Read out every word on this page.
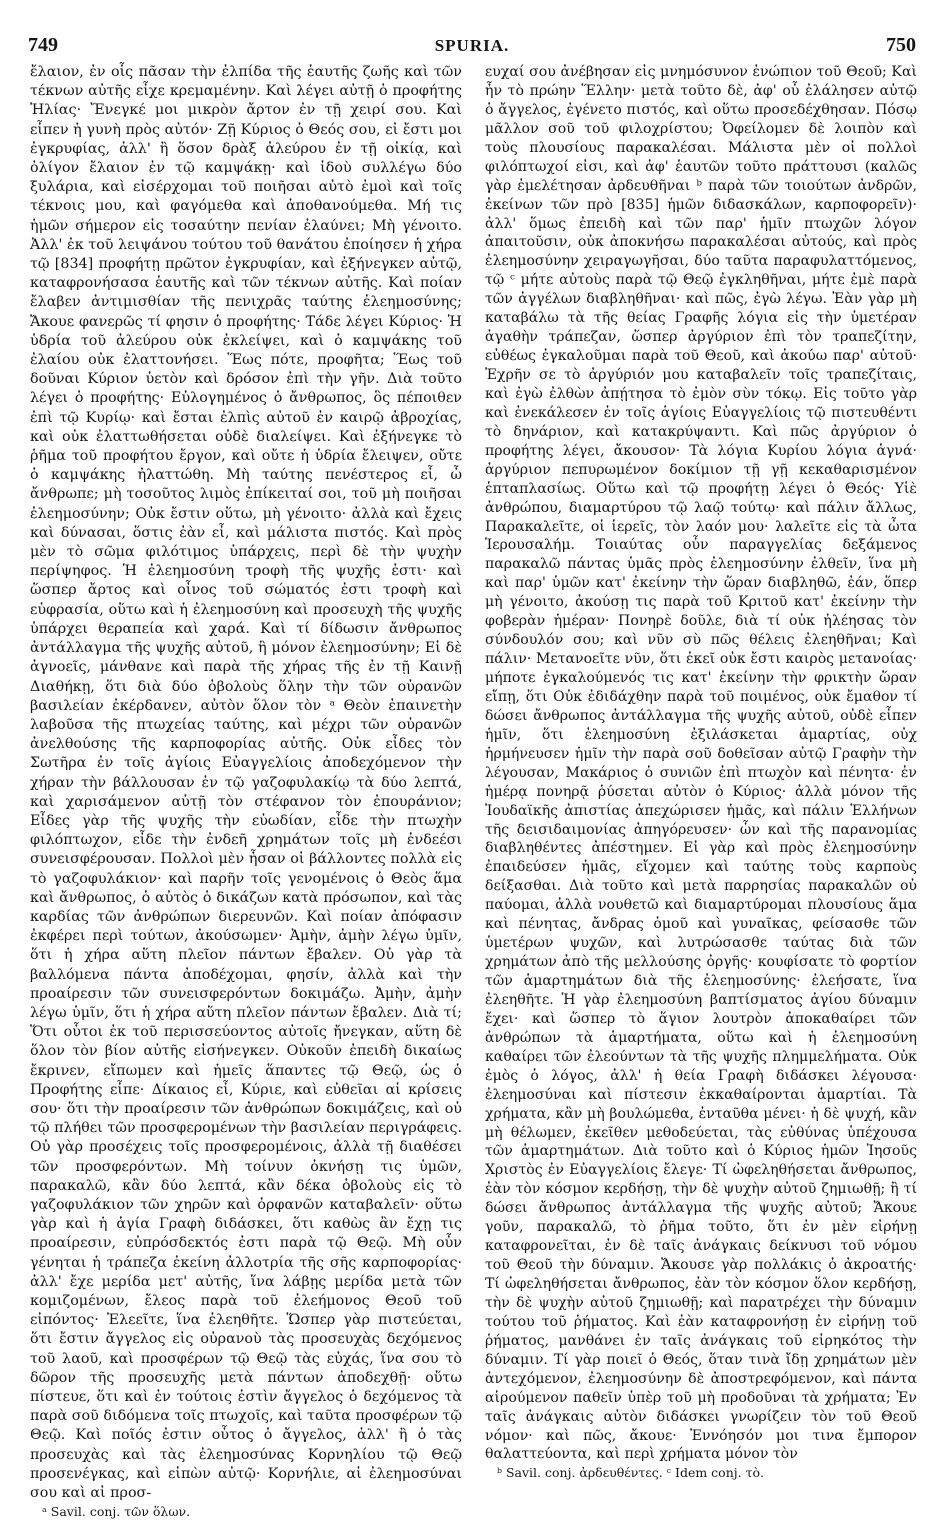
749	SPURIA.	750

ἔλαιον, ἐν οἷς πᾶσαν τὴν ἐλπίδα τῆς ἑαυτῆς ζωῆς καὶ τῶν τέκνων αὐτῆς εἶχε κρεμαμένην. Καὶ λέγει αὐτῇ ὁ προφήτης Ἠλίας· Ἔνεγκέ μοι μικρὸν ἄρτον ἐν τῇ χειρί σου. Καὶ εἶπεν ἡ γυνὴ πρὸς αὐτόν· Ζῇ Κύριος ὁ Θεός σου, εἰ ἔστι μοι ἐγκρυφίας, ἀλλ' ἢ ὅσον δρὰξ ἀλεύρου ἐν τῇ οἰκίᾳ, καὶ ὀλίγον ἔλαιον ἐν τῷ καμψάκῃ· καὶ ἰδοὺ συλλέγω δύο ξυλάρια, καὶ εἰσέρχομαι τοῦ ποιῆσαι αὐτὸ ἐμοὶ καὶ τοῖς τέκνοις μου, καὶ φαγόμεθα καὶ ἀποθανούμεθα. Μή τις ἡμῶν σήμερον εἰς τοσαύτην πενίαν ἐλαύνει; Μὴ γένοιτο. Ἀλλ' ἐκ τοῦ λειψάνου τούτου τοῦ θανάτου ἐποίησεν ἡ χήρα τῷ [834] προφήτῃ πρῶτον ἐγκρυφίαν, καὶ ἐξήνεγκεν αὐτῷ, καταφρονήσασα ἑαυτῆς καὶ τῶν τέκνων αὐτῆς. Καὶ ποίαν ἔλαβεν ἀντιμισθίαν τῆς πενιχρᾶς ταύτης ἐλεημοσύνης; Ἄκουε φανερῶς τί φησιν ὁ προφήτης· Τάδε λέγει Κύριος· Ἡ ὑδρία τοῦ ἀλεύρου οὐκ ἐκλείψει, καὶ ὁ καμψάκης τοῦ ἐλαίου οὐκ ἐλαττονήσει. Ἕως πότε, προφῆτα; Ἕως τοῦ δοῦναι Κύριον ὑετὸν καὶ δρόσον ἐπὶ τὴν γῆν. Διὰ τοῦτο λέγει ὁ προφήτης· Εὐλογημένος ὁ ἄνθρωπος, ὃς πέποιθεν ἐπὶ τῷ Κυρίῳ· καὶ ἔσται ἐλπὶς αὐτοῦ ἐν καιρῷ ἀβροχίας, καὶ οὐκ ἐλαττωθήσεται οὐδὲ διαλείψει. Καὶ ἐξήνεγκε τὸ ῥῆμα τοῦ προφήτου ἔργον, καὶ οὔτε ἡ ὑδρία ἔλειψεν, οὔτε ὁ καμψάκης ἠλαττώθη. Μὴ ταύτης πενέστερος εἶ, ὦ ἄνθρωπε; μὴ τοσοῦτος λιμὸς ἐπίκειταί σοι, τοῦ μὴ ποιῆσαι ἐλεημοσύνην; Οὐκ ἔστιν οὕτω, μὴ γένοιτο· ἀλλὰ καὶ ἔχεις καὶ δύνασαι, ὅστις ἐὰν εἶ, καὶ μάλιστα πιστός. Καὶ πρὸς μὲν τὸ σῶμα φιλότιμος ὑπάρχεις, περὶ δὲ τὴν ψυχὴν περίψηφος. Ἡ ἐλεημοσύνη τροφὴ τῆς ψυχῆς ἐστι· καὶ ὥσπερ ἄρτος καὶ οἶνος τοῦ σώματός ἐστι τροφὴ καὶ εὐφρασία, οὕτω καὶ ἡ ἐλεημοσύνη καὶ προσευχὴ τῆς ψυχῆς ὑπάρχει θεραπεία καὶ χαρά. Καὶ τί δίδωσιν ἄνθρωπος ἀντάλλαγμα τῆς ψυχῆς αὐτοῦ, ἢ μόνον ἐλεημοσύνην; Εἰ δὲ ἀγνοεῖς, μάνθανε καὶ παρὰ τῆς χήρας τῆς ἐν τῇ Καινῇ Διαθήκῃ, ὅτι διὰ δύο ὀβολοὺς ὅλην τὴν τῶν οὐρανῶν βασιλείαν ἐκέρδανεν, αὐτὸν ὅλον τὸν ᵃ Θεὸν ἐπαινετὴν λαβοῦσα τῆς πτωχείας ταύτης, καὶ μέχρι τῶν οὐρανῶν ἀνελθούσης τῆς καρποφορίας αὐτῆς. Οὐκ εἶδες τὸν Σωτῆρα ἐν τοῖς ἁγίοις Εὐαγγελίοις ἀποδεχόμενον τὴν χήραν τὴν βάλλουσαν ἐν τῷ γαζοφυλακίῳ τὰ δύο λεπτά, καὶ χαρισάμενον αὐτῇ τὸν στέφανον τὸν ἐπουράνιον; Εἶδες γὰρ τῆς ψυχῆς τὴν εὐωδίαν, εἶδε τὴν πτωχὴν φιλόπτωχον, εἶδε τὴν ἐνδεῆ χρημάτων τοῖς μὴ ἐνδεέσι συνεισφέρουσαν. Πολλοὶ μὲν ἦσαν οἱ βάλλοντες πολλὰ εἰς τὸ γαζοφυλάκιον· καὶ παρῆν τοῖς γενομένοις ὁ Θεὸς ἅμα καὶ ἄνθρωπος, ὁ αὐτὸς ὁ δικάζων κατὰ πρόσωπον, καὶ τὰς καρδίας τῶν ἀνθρώπων διερευνῶν. Καὶ ποίαν ἀπόφασιν ἐκφέρει περὶ τούτων, ἀκούσωμεν· Ἀμὴν, ἀμὴν λέγω ὑμῖν, ὅτι ἡ χήρα αὕτη πλεῖον πάντων ἔβαλεν. Οὐ γὰρ τὰ βαλλόμενα πάντα ἀποδέχομαι, φησίν, ἀλλὰ καὶ τὴν προαίρεσιν τῶν συνεισφερόντων δοκιμάζω. Ἀμὴν, ἀμὴν λέγω ὑμῖν, ὅτι ἡ χήρα αὕτη πλεῖον πάντων ἔβαλεν. Διὰ τί; Ὅτι οὗτοι ἐκ τοῦ περισσεύοντος αὐτοῖς ἤνεγκαν, αὕτη δὲ ὅλον τὸν βίον αὐτῆς εἰσήνεγκεν. Οὐκοῦν ἐπειδὴ δικαίως ἔκρινεν, εἴπωμεν καὶ ἡμεῖς ἅπαντες τῷ Θεῷ, ὡς ὁ Προφήτης εἶπε· Δίκαιος εἶ, Κύριε, καὶ εὐθεῖαι αἱ κρίσεις σου· ὅτι τὴν προαίρεσιν τῶν ἀνθρώπων δοκιμάζεις, καὶ οὐ τῷ πλήθει τῶν προσφερομένων τὴν βασιλείαν περιγράφεις. Οὐ γὰρ προσέχεις τοῖς προσφερομένοις, ἀλλὰ τῇ διαθέσει τῶν προσφερόντων. Μὴ τοίνυν ὀκνήσῃ τις ὑμῶν, παρακαλῶ, κἂν δύο λεπτά, κἂν δέκα ὀβολοὺς εἰς τὸ γαζοφυλάκιον τῶν χηρῶν καὶ ὀρφανῶν καταβαλεῖν· οὕτω γὰρ καὶ ἡ ἁγία Γραφὴ διδάσκει, ὅτι καθὼς ἂν ἔχῃ τις προαίρεσιν, εὐπρόσδεκτός ἐστι παρὰ τῷ Θεῷ. Μὴ οὖν γένηται ἡ τράπεζα ἐκείνη ἀλλοτρία τῆς σῆς καρποφορίας· ἀλλ' ἔχε μερίδα μετ' αὐτῆς, ἵνα λάβῃς μερίδα μετὰ τῶν κομιζομένων, ἔλεος παρὰ τοῦ ἐλεήμονος Θεοῦ τοῦ εἰπόντος· Ἐλεεῖτε, ἵνα ἐλεηθῆτε. Ὥσπερ γὰρ πιστεύεται, ὅτι ἔστιν ἄγγελος εἰς οὐρανοὺ τὰς προσευχὰς δεχόμενος τοῦ λαοῦ, καὶ προσφέρων τῷ Θεῷ τὰς εὐχάς, ἵνα σου τὸ δῶρον τῆς προσευχῆς μετὰ πάντων ἀποδεχθῇ· οὕτω πίστευε, ὅτι καὶ ἐν τούτοις ἐστὶν ἄγγελος ὁ δεχόμενος τὰ παρὰ σοῦ διδόμενα τοῖς πτωχοῖς, καὶ ταῦτα προσφέρων τῷ Θεῷ. Καὶ ποῖός ἐστιν οὗτος ὁ ἄγγελος, ἀλλ' ἢ ὁ τὰς προσευχὰς καὶ τὰς ἐλεημοσύνας Κορνηλίου τῷ Θεῷ προσενέγκας, καὶ εἰπὼν αὐτῷ· Κορνήλιε, αἱ ἐλεημοσύναι σου καὶ αἱ προσ-

ᵃ Savil. conj. τῶν ὅλων.

ευχαί σου ἀνέβησαν εἰς μνημόσυνον ἐνώπιον τοῦ Θεοῦ; Καὶ ἦν τὸ πρώην Ἕλλην· μετὰ τοῦτο δὲ, ἀφ' οὗ ἐλάλησεν αὐτῷ ὁ ἄγγελος, ἐγένετο πιστός, καὶ οὕτω προσεδέχθησαν. Πόσῳ μᾶλλον σοῦ τοῦ φιλοχρίστου; Ὀφείλομεν δὲ λοιπὸν καὶ τοὺς πλουσίους παρακαλέσαι. Μάλιστα μὲν οἱ πολλοὶ φιλόπτωχοί εἰσι, καὶ ἀφ' ἑαυτῶν τοῦτο πράττουσι (καλῶς γὰρ ἐμελέτησαν ἀρδευθῆναι ᵇ παρὰ τῶν τοιούτων ἀνδρῶν, ἐκείνων τῶν πρὸ [835] ἡμῶν διδασκάλων, καρποφορεῖν)· ἀλλ' ὅμως ἐπειδὴ καὶ τῶν παρ' ἡμῖν πτωχῶν λόγον ἀπαιτοῦσιν, οὐκ ἀποκνήσω παρακαλέσαι αὐτούς, καὶ πρὸς ἐλεημοσύνην χειραγωγῆσαι, δύο ταῦτα παραφυλαττόμενος, τῷ ᶜ μήτε αὐτοὺς παρὰ τῷ Θεῷ ἐγκληθῆναι, μήτε ἐμὲ παρὰ τῶν ἀγγέλων διαβληθῆναι· καὶ πῶς, ἐγὼ λέγω. Ἐὰν γὰρ μὴ καταβάλω τὰ τῆς θείας Γραφῆς λόγια εἰς τὴν ὑμετέραν ἀγαθὴν τράπεζαν, ὥσπερ ἀργύριον ἐπὶ τὸν τραπεζίτην, εὐθέως ἐγκαλοῦμαι παρὰ τοῦ Θεοῦ, καὶ ἀκούω παρ' αὐτοῦ· Ἐχρῆν σε τὸ ἀργύριόν μου καταβαλεῖν τοῖς τραπεζίταις, καὶ ἐγὼ ἐλθὼν ἀπῄτησα τὸ ἐμὸν σὺν τόκῳ. Εἰς τοῦτο γὰρ καὶ ἐνεκάλεσεν ἐν τοῖς ἁγίοις Εὐαγγελίοις τῷ πιστευθέντι τὸ δηνάριον, καὶ κατακρύψαντι. Καὶ πῶς ἀργύριον ὁ προφήτης λέγει, ἄκουσον· Τὰ λόγια Κυρίου λόγια ἁγνά· ἀργύριον πεπυρωμένον δοκίμιον τῇ γῇ κεκαθαρισμένον ἑπταπλασίως. Οὕτω καὶ τῷ προφήτῃ λέγει ὁ Θεός· Υἱὲ ἀνθρώπου, διαμαρτύρου τῷ λαῷ τούτῳ· καὶ πάλιν ἄλλως, Παρακαλεῖτε, οἱ ἱερεῖς, τὸν λαόν μου· λαλεῖτε εἰς τὰ ὦτα Ἱερουσαλήμ. Τοιαύτας οὖν παραγγελίας δεξάμενος παρακαλῶ πάντας ὑμᾶς πρὸς ἐλεημοσύνην ἐλθεῖν, ἵνα μὴ καὶ παρ' ὑμῶν κατ' ἐκείνην τὴν ὥραν διαβληθῶ, ἐάν, ὅπερ μὴ γένοιτο, ἀκούσῃ τις παρὰ τοῦ Κριτοῦ κατ' ἐκείνην τὴν φοβερὰν ἡμέραν· Πονηρὲ δοῦλε, διὰ τί οὐκ ἠλέησας τὸν σύνδουλόν σου; καὶ νῦν σὺ πῶς θέλεις ἐλεηθῆναι; Καὶ πάλιν· Μετανοεῖτε νῦν, ὅτι ἐκεῖ οὐκ ἔστι καιρὸς μετανοίας· μήποτε ἐγκαλούμενός τις κατ' ἐκείνην τὴν φρικτὴν ὥραν εἴπῃ, ὅτι Οὐκ ἐδιδάχθην παρὰ τοῦ ποιμένος, οὐκ ἔμαθον τί δώσει ἄνθρωπος ἀντάλλαγμα τῆς ψυχῆς αὐτοῦ, οὐδὲ εἶπεν ἡμῖν, ὅτι ἐλεημοσύνη ἐξιλάσκεται ἁμαρτίας, οὐχ ἡρμήνευσεν ἡμῖν τὴν παρὰ σοῦ δοθεῖσαν αὐτῷ Γραφὴν τὴν λέγουσαν, Μακάριος ὁ συνιῶν ἐπὶ πτωχὸν καὶ πένητα· ἐν ἡμέρᾳ πονηρᾷ ῥύσεται αὐτὸν ὁ Κύριος· ἀλλὰ μόνον τῆς Ἰουδαϊκῆς ἀπιστίας ἀπεχώρισεν ἡμᾶς, καὶ πάλιν Ἑλλήνων τῆς δεισιδαιμονίας ἀπηγόρευσεν· ὧν καὶ τῆς παρανομίας διαβληθέντες ἀπέστημεν. Εἰ γὰρ καὶ πρὸς ἐλεημοσύνην ἐπαιδεύσεν ἡμᾶς, εἴχομεν καὶ ταύτης τοὺς καρποὺς δείξασθαι. Διὰ τοῦτο καὶ μετὰ παρρησίας παρακαλῶν οὐ παύομαι, ἀλλὰ νουθετῶ καὶ διαμαρτύρομαι πλουσίους ἅμα καὶ πένητας, ἄνδρας ὁμοῦ καὶ γυναῖκας, φείσασθε τῶν ὑμετέρων ψυχῶν, καὶ λυτρώσασθε ταύτας διὰ τῶν χρημάτων ἀπὸ τῆς μελλούσης ὀργῆς· κουφίσατε τὸ φορτίον τῶν ἁμαρτημάτων διὰ τῆς ἐλεημοσύνης· ἐλεήσατε, ἵνα ἐλεηθῆτε. Ἡ γὰρ ἐλεημοσύνη βαπτίσματος ἁγίου δύναμιν ἔχει· καὶ ὥσπερ τὸ ἅγιον λουτρὸν ἀποκαθαίρει τῶν ἀνθρώπων τὰ ἁμαρτήματα, οὕτω καὶ ἡ ἐλεημοσύνη καθαίρει τῶν ἐλεούντων τὰ τῆς ψυχῆς πλημμελήματα. Οὐκ ἐμὸς ὁ λόγος, ἀλλ' ἡ θεία Γραφὴ διδάσκει λέγουσα· ἐλεημοσύναι καὶ πίστεσιν ἐκκαθαίρονται ἁμαρτίαι. Τὰ χρήματα, κἂν μὴ βουλώμεθα, ἐνταῦθα μένει· ἡ δὲ ψυχή, κἂν μὴ θέλωμεν, ἐκεῖθεν μεθοδεύεται, τὰς εὐθύνας ὑπέχουσα τῶν ἁμαρτημάτων. Διὰ τοῦτο καὶ ὁ Κύριος ἡμῶν Ἰησοῦς Χριστὸς ἐν Εὐαγγελίοις ἔλεγε· Τί ὠφεληθήσεται ἄνθρωπος, ἐὰν τὸν κόσμον κερδήσῃ, τὴν δὲ ψυχὴν αὐτοῦ ζημιωθῇ; ἢ τί δώσει ἄνθρωπος ἀντάλλαγμα τῆς ψυχῆς αὐτοῦ; Ἄκουε γοῦν, παρακαλῶ, τὸ ῥῆμα τοῦτο, ὅτι ἐν μὲν εἰρήνῃ καταφρονεῖται, ἐν δὲ ταῖς ἀνάγκαις δείκνυσι τοῦ νόμου τοῦ Θεοῦ τὴν δύναμιν. Ἄκουσε γὰρ πολλάκις ὁ ἀκροατής· Τί ὠφεληθήσεται ἄνθρωπος, ἐὰν τὸν κόσμον ὅλον κερδήσῃ, τὴν δὲ ψυχὴν αὐτοῦ ζημιωθῇ; καὶ παρατρέχει τὴν δύναμιν τούτου τοῦ ῥήματος. Καὶ ἐὰν καταφρονήσῃ ἐν εἰρήνῃ τοῦ ῥήματος, μανθάνει ἐν ταῖς ἀνάγκαις τοῦ εἰρηκότος τὴν δύναμιν. Τί γὰρ ποιεῖ ὁ Θεός, ὅταν τινὰ ἴδῃ χρημάτων μὲν ἀντεχόμενον, ἐλεημοσύνην δὲ ἀποστρεφόμενον, καὶ πάντα αἱρούμενον παθεῖν ὑπὲρ τοῦ μὴ προδοῦναι τὰ χρήματα; Ἐν ταῖς ἀνάγκαις αὐτὸν διδάσκει γνωρίζειν τὸν τοῦ Θεοῦ νόμον· καὶ πῶς, ἄκουε· Ἐννόησόν μοι τινα ἔμπορον θαλαττεύοντα, καὶ περὶ χρήματα μόνον τὸν

ᵇ Savil. conj. ἀρδευθέντες. ᶜ Idem conj. τὸ.
